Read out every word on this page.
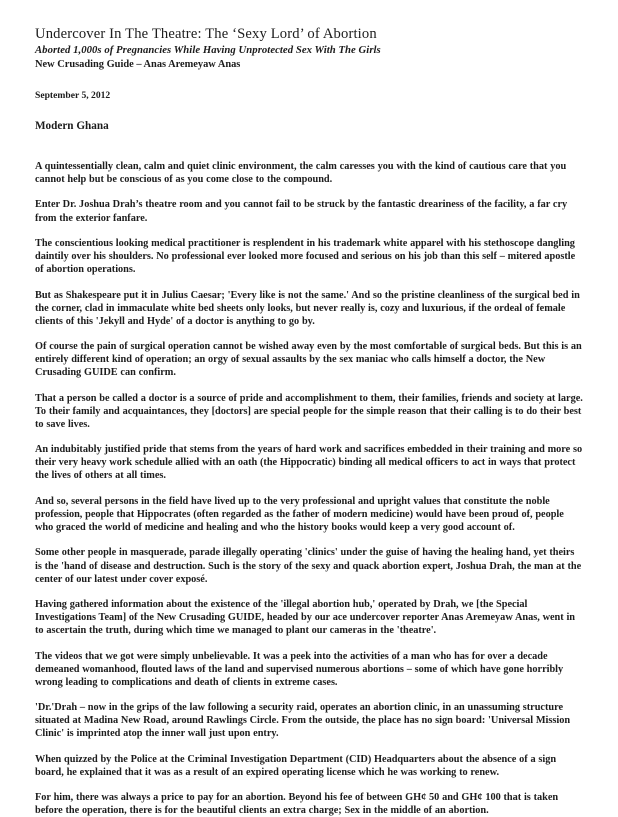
Undercover In The Theatre: The ‘Sexy Lord’ of Abortion
Aborted 1,000s of Pregnancies While Having Unprotected Sex With The Girls
New Crusading Guide – Anas Aremeyaw Anas
September 5, 2012
Modern Ghana

A quintessentially clean, calm and quiet clinic environment, the calm caresses you with the kind of cautious care that you cannot help but be conscious of as you come close to the compound.

Enter Dr. Joshua Drah’s theatre room and you cannot fail to be struck by the fantastic dreariness of the facility, a far cry from the exterior fanfare.

The conscientious looking medical practitioner is resplendent in his trademark white apparel with his stethoscope dangling daintily over his shoulders. No professional ever looked more focused and serious on his job than this self – mitered apostle of abortion operations.

But as Shakespeare put it in Julius Caesar; 'Every like is not the same.' And so the pristine cleanliness of the surgical bed in the corner, clad in immaculate white bed sheets only looks, but never really is, cozy and luxurious, if the ordeal of female clients of this 'Jekyll and Hyde' of a doctor is anything to go by.

Of course the pain of surgical operation cannot be wished away even by the most comfortable of surgical beds. But this is an entirely different kind of operation; an orgy of sexual assaults by the sex maniac who calls himself a doctor, the New Crusading GUIDE can confirm.

That a person be called a doctor is a source of pride and accomplishment to them, their families, friends and society at large. To their family and acquaintances, they [doctors] are special people for the simple reason that their calling is to do their best to save lives.

An indubitably justified pride that stems from the years of hard work and sacrifices embedded in their training and more so their very heavy work schedule allied with an oath (the Hippocratic) binding all medical officers to act in ways that protect the lives of others at all times.

And so, several persons in the field have lived up to the very professional and upright values that constitute the noble profession, people that Hippocrates (often regarded as the father of modern medicine) would have been proud of, people who graced the world of medicine and healing and who the history books would keep a very good account of.

Some other people in masquerade, parade illegally operating 'clinics' under the guise of having the healing hand, yet theirs is the 'hand of disease and destruction. Such is the story of the sexy and quack abortion expert, Joshua Drah, the man at the center of our latest under cover exposé.

Having gathered information about the existence of the 'illegal abortion hub,' operated by Drah, we [the Special Investigations Team] of the New Crusading GUIDE, headed by our ace undercover reporter Anas Aremeyaw Anas, went in to ascertain the truth, during which time we managed to plant our cameras in the 'theatre'.

The videos that we got were simply unbelievable. It was a peek into the activities of a man who has for over a decade demeaned womanhood, flouted laws of the land and supervised numerous abortions – some of which have gone horribly wrong leading to complications and death of clients in extreme cases.

'Dr.'Drah – now in the grips of the law following a security raid, operates an abortion clinic, in an unassuming structure situated at Madina New Road, around Rawlings Circle. From the outside, the place has no sign board: 'Universal Mission Clinic' is imprinted atop the inner wall just upon entry.

When quizzed by the Police at the Criminal Investigation Department (CID) Headquarters about the absence of a sign board, he explained that it was as a result of an expired operating license which he was working to renew.

For him, there was always a price to pay for an abortion. Beyond his fee of between GH¢ 50 and GH¢ 100 that is taken before the operation, there is for the beautiful clients an extra charge; Sex in the middle of an abortion.
